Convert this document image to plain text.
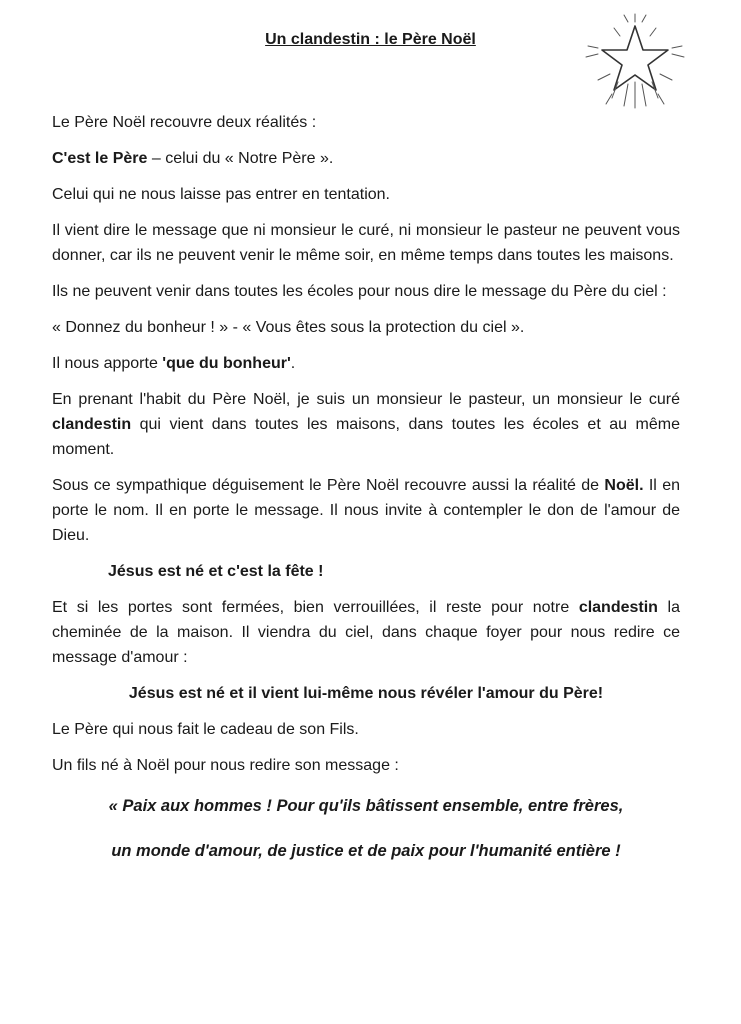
Un clandestin : le Père Noël

Le Père Noël recouvre deux réalités :

C'est le Père – celui du « Notre Père ».

Celui qui ne nous laisse pas entrer en tentation.

Il vient dire le message que ni monsieur le curé, ni monsieur le pasteur ne peuvent vous donner, car ils ne peuvent venir le même soir, en même temps dans toutes les maisons.

Ils ne peuvent venir dans toutes les écoles pour nous dire le message du Père du ciel :

« Donnez du bonheur ! » - « Vous êtes sous la protection du ciel ».

Il nous apporte 'que du bonheur'.

En prenant l'habit du Père Noël, je suis un monsieur le pasteur, un monsieur le curé clandestin qui vient dans toutes les maisons, dans toutes les écoles et au même moment.

Sous ce sympathique déguisement le Père Noël recouvre aussi la réalité de Noël. Il en porte le nom. Il en porte le message. Il nous invite à contempler le don de l'amour de Dieu.

Jésus est né et c'est la fête !

Et si les portes sont fermées, bien verrouillées, il reste pour notre clandestin la cheminée de la maison. Il viendra du ciel, dans chaque foyer pour nous redire ce message d'amour :

Jésus est né et il vient lui-même nous révéler l'amour du Père!

Le Père qui nous fait le cadeau de son Fils.

Un fils né à Noël pour nous redire son message :

« Paix aux hommes ! Pour qu'ils bâtissent ensemble, entre frères,

un monde d'amour, de justice et de paix pour l'humanité entière !
